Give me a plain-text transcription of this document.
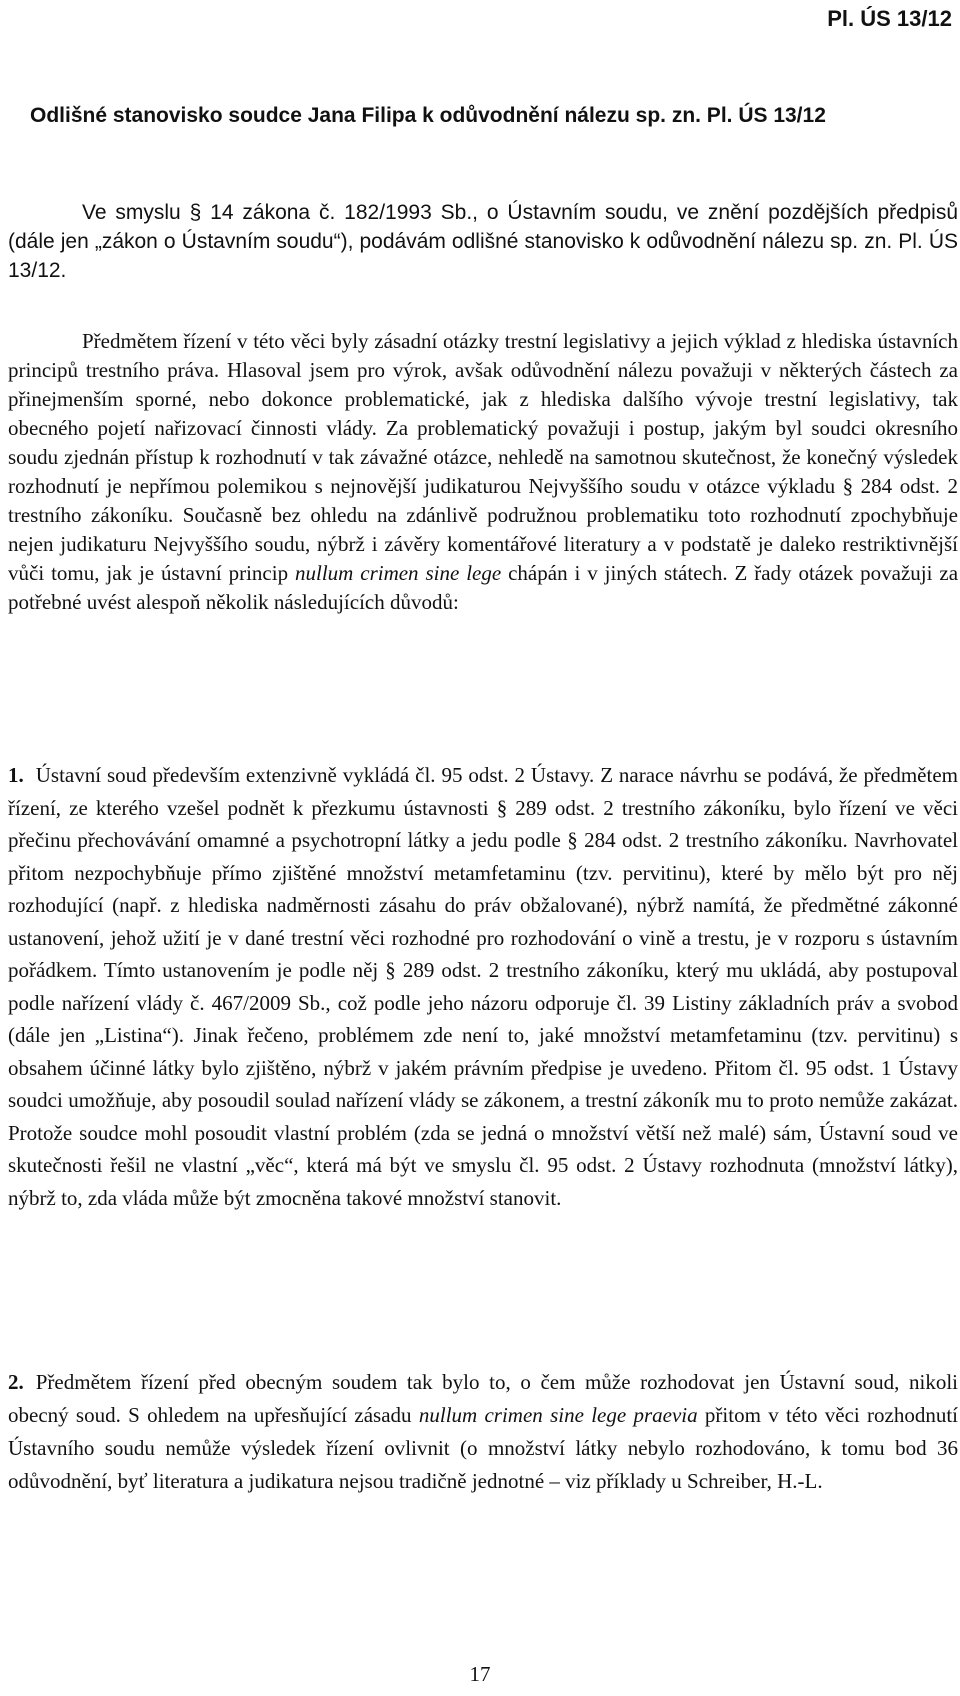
Pl. ÚS 13/12
Odlišné stanovisko soudce Jana Filipa k odůvodnění nálezu sp. zn. Pl. ÚS 13/12

Ve smyslu § 14 zákona č. 182/1993 Sb., o Ústavním soudu, ve znění pozdějších předpisů (dále jen „zákon o Ústavním soudu“), podávám odlišné stanovisko k odůvodnění nálezu sp. zn. Pl. ÚS 13/12.

Předmětem řízení v této věci byly zásadní otázky trestní legislativy a jejich výklad z hlediska ústavních principů trestního práva. Hlasoval jsem pro výrok, avšak odůvodnění nálezu považuji v některých částech za přinejmenším sporné, nebo dokonce problematické, jak z hlediska dalšího vývoje trestní legislativy, tak obecného pojetí nařizovací činnosti vlády. Za problematický považuji i postup, jakým byl soudci okresního soudu zjednán přístup k rozhodnutí v tak závažné otázce, nehledě na samotnou skutečnost, že konečný výsledek rozhodnutí je nepřímou polemikou s nejnovější judikaturou Nejvyššího soudu v otázce výkladu § 284 odst. 2 trestního zákoníku. Současně bez ohledu na zdánlivě podružnou problematiku toto rozhodnutí zpochybňuje nejen judikaturu Nejvyššího soudu, nýbrž i závěry komentářové literatury a v podstatě je daleko restriktivnější vůči tomu, jak je ústavní princip nullum crimen sine lege chápán i v jiných státech. Z řady otázek považuji za potřebné uvést alespoň několik následujících důvodů:

1. Ústavní soud především extenzivně vykládá čl. 95 odst. 2 Ústavy. Z narace návrhu se podává, že předmětem řízení, ze kterého vzešel podnět k přezkumu ústavnosti § 289 odst. 2 trestního zákoníku, bylo řízení ve věci přečinu přechovávání omamné a psychotropní látky a jedu podle § 284 odst. 2 trestního zákoníku. Navrhovatel přitom nezpochybňuje přímo zjištěné množství metamfetaminu (tzv. pervitinu), které by mělo být pro něj rozhodující (např. z hlediska nadměrnosti zásahu do práv obžalované), nýbrž namítá, že předmětné zákonné ustanovení, jehož užití je v dané trestní věci rozhodné pro rozhodování o vině a trestu, je v rozporu s ústavním pořádkem. Tímto ustanovením je podle něj § 289 odst. 2 trestního zákoníku, který mu ukládá, aby postupoval podle nařízení vlády č. 467/2009 Sb., což podle jeho názoru odporuje čl. 39 Listiny základních práv a svobod (dále jen „Listina“). Jinak řečeno, problémem zde není to, jaké množství metamfetaminu (tzv. pervitinu) s obsahem účinné látky bylo zjištěno, nýbrž v jakém právním předpise je uvedeno. Přitom čl. 95 odst. 1 Ústavy soudci umožňuje, aby posoudil soulad nařízení vlády se zákonem, a trestní zákoník mu to proto nemůže zakázat. Protože soudce mohl posoudit vlastní problém (zda se jedná o množství větší než malé) sám, Ústavní soud ve skutečnosti řešil ne vlastní „věc“, která má být ve smyslu čl. 95 odst. 2 Ústavy rozhodnuta (množství látky), nýbrž to, zda vláda může být zmocněna takové množství stanovit.

2. Předmětem řízení před obecným soudem tak bylo to, o čem může rozhodovat jen Ústavní soud, nikoli obecný soud. S ohledem na upřesňující zásadu nullum crimen sine lege praevia přitom v této věci rozhodnutí Ústavního soudu nemůže výsledek řízení ovlivnit (o množství látky nebylo rozhodováno, k tomu bod 36 odůvodnění, byť literatura a judikatura nejsou tradičně jednotné – viz příklady u Schreiber, H.-L.

17
